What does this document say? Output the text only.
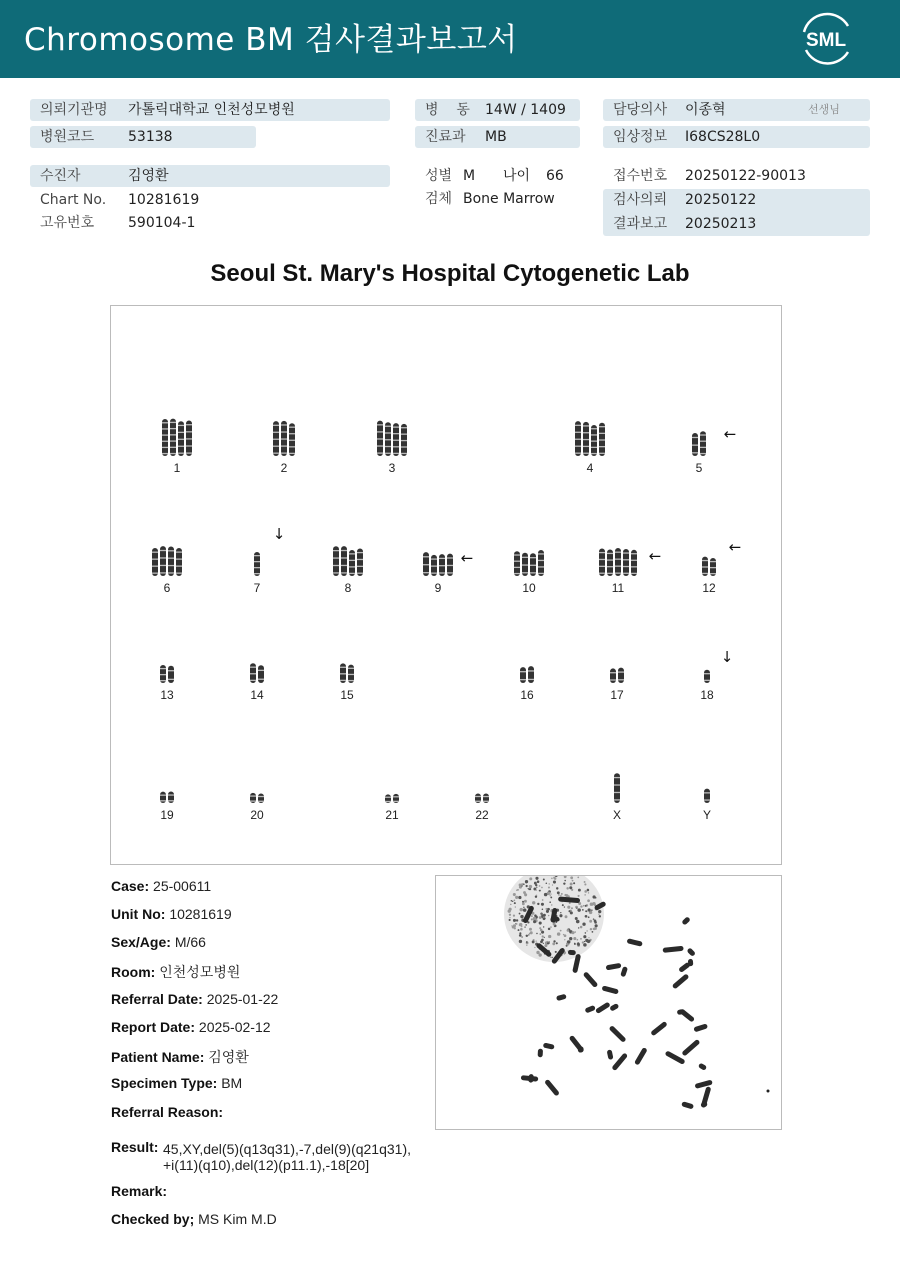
Chromosome BM 검사결과보고서	SML
의뢰기관명 가톨릭대학교 인천성모병원
병원코드 53138
병    동 14W / 1409
진료과 MB
담당의사 이종혁	선생님
임상정보 I68CS28L0
수진자	김영환
Chart No. 10281619
고유번호 590104-1
성별 M 나이 66
검체 Bone Marrow
접수번호 20250122-90013
검사의뢰 20250122
결과보고 20250213
Seoul St. Mary's Hospital Cytogenetic Lab
1	2	3	4	5
6	7	8	9	10	11	12
13	14	15	16	17	18
19	20	21	22	X	Y
←
↓
←	←	←
↓
Case: 25-00611
Unit No: 10281619
Sex/Age: M/66
Room: 인천성모병원
Referral Date: 2025-01-22
Report Date: 2025-02-12
Patient Name: 김영환
Specimen Type: BM
Referral Reason:
Result: 45,XY,del(5)(q13q31),-7,del(9)(q21q31),
+i(11)(q10),del(12)(p11.1),-18[20]
Remark:
Checked by; MS Kim M.D
